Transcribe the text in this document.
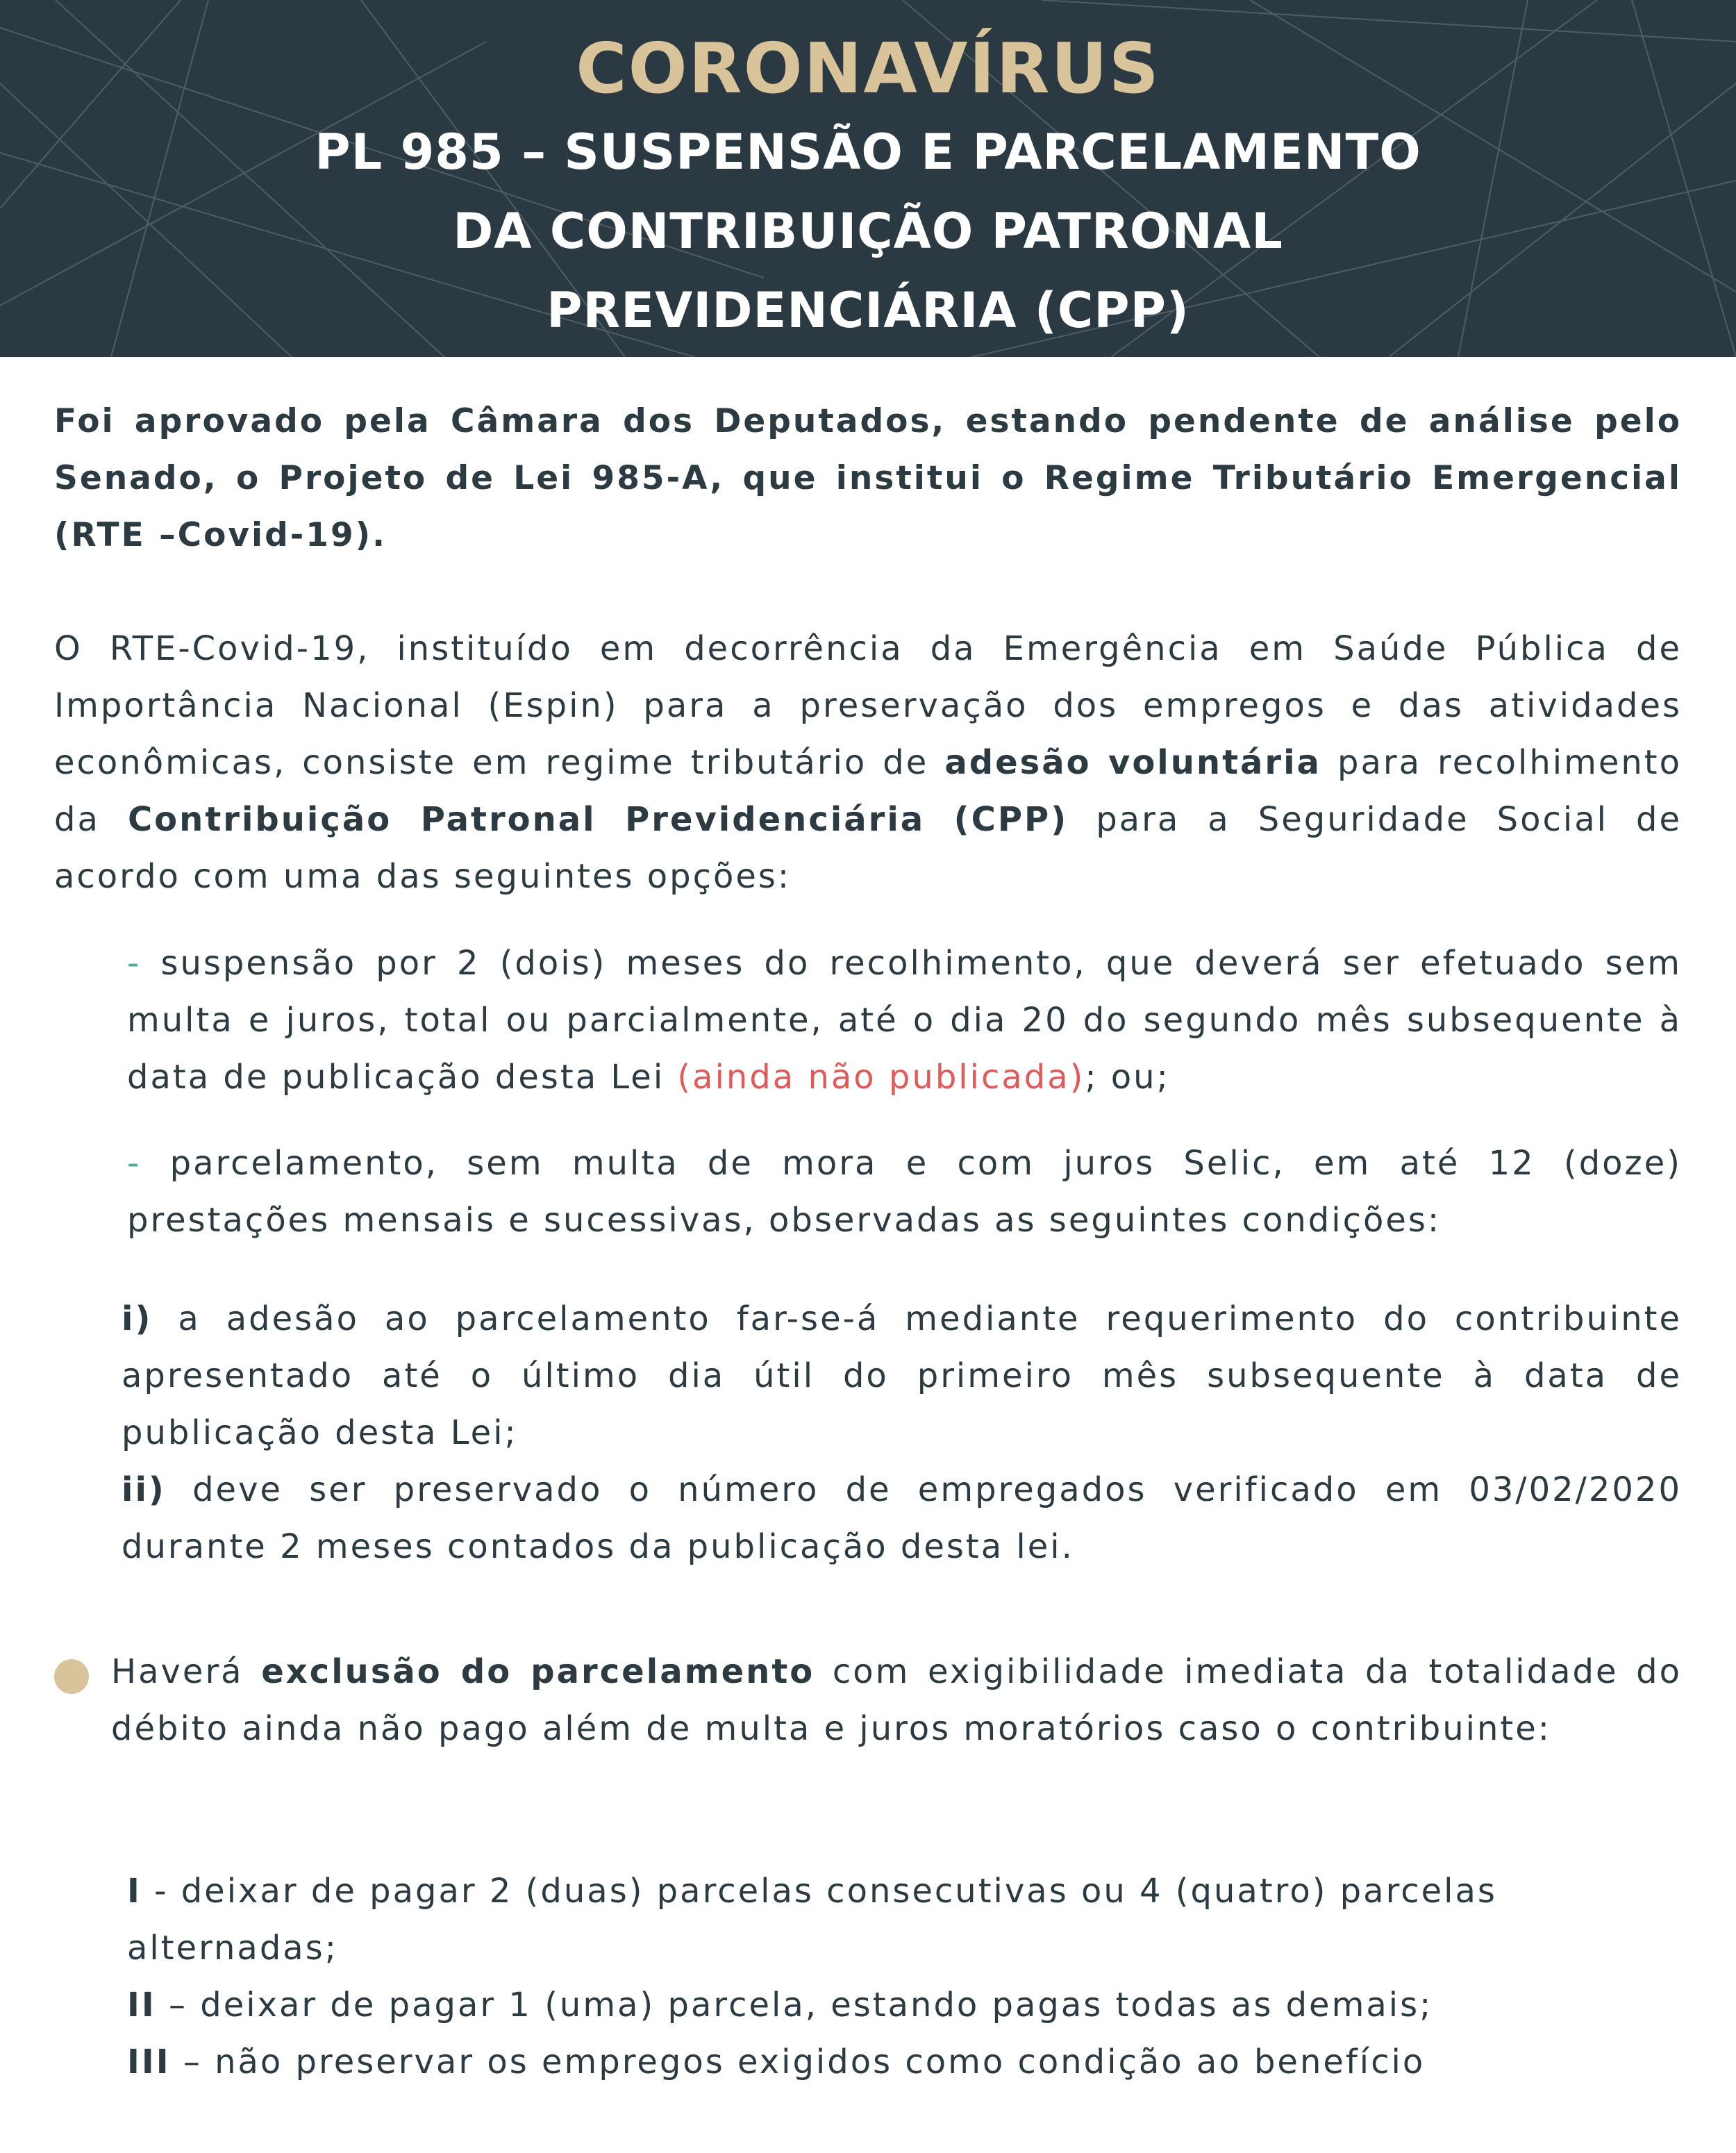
CORONAVÍRUS
PL 985 – SUSPENSÃO E PARCELAMENTO
DA CONTRIBUIÇÃO PATRONAL
PREVIDENCIÁRIA (CPP)

Foi aprovado pela Câmara dos Deputados, estando pendente de análise pelo Senado, o Projeto de Lei 985-A, que institui o Regime Tributário Emergencial (RTE –Covid-19).

O RTE-Covid-19, instituído em decorrência da Emergência em Saúde Pública de Importância Nacional (Espin) para a preservação dos empregos e das atividades econômicas, consiste em regime tributário de adesão voluntária para recolhimento da Contribuição Patronal Previdenciária (CPP) para a Seguridade Social de acordo com uma das seguintes opções:

- suspensão por 2 (dois) meses do recolhimento, que deverá ser efetuado sem multa e juros, total ou parcialmente, até o dia 20 do segundo mês subsequente à data de publicação desta Lei (ainda não publicada); ou;

- parcelamento, sem multa de mora e com juros Selic, em até 12 (doze) prestações mensais e sucessivas, observadas as seguintes condições:

i) a adesão ao parcelamento far-se-á mediante requerimento do contribuinte apresentado até o último dia útil do primeiro mês subsequente à data de publicação desta Lei;
ii) deve ser preservado o número de empregados verificado em 03/02/2020 durante 2 meses contados da publicação desta lei.

Haverá exclusão do parcelamento com exigibilidade imediata da totalidade do débito ainda não pago além de multa e juros moratórios caso o contribuinte:

I - deixar de pagar 2 (duas) parcelas consecutivas ou 4 (quatro) parcelas alternadas;
II – deixar de pagar 1 (uma) parcela, estando pagas todas as demais;
III – não preservar os empregos exigidos como condição ao benefício
